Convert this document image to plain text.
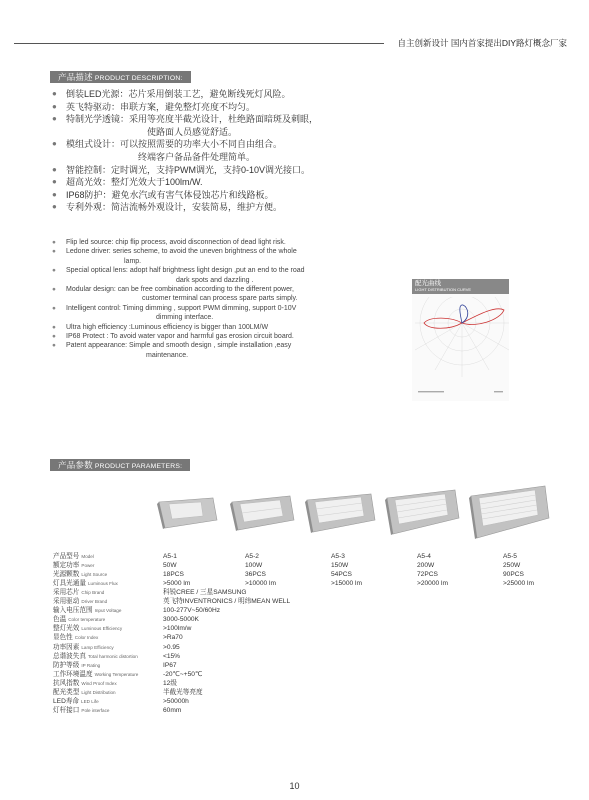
自主创新设计 国内首家提出DIY路灯概念厂家
产品描述 PRODUCT DESCRIPTION:
● 倒装LED光源：芯片采用倒装工艺，避免断线死灯风险。
● 英飞特驱动：串联方案，避免整灯亮度不均匀。
● 特制光学透镜：采用等亮度半截光设计，杜绝路面暗斑及刺眼，
使路面人员感觉舒适。
● 模组式设计：可以按照需要的功率大小不同自由组合。
终端客户备品备件处理简单。
● 智能控制：定时调光，支持PWM调光，支持0-10V调光接口。
● 超高光效：整灯光效大于100lm/W.
● IP68防护：避免水汽或有害气体侵蚀芯片和线路板。
● 专利外观：简洁流畅外观设计，安装简易，维护方便。
● Flip led source: chip flip process, avoid disconnection of dead light risk.
● Ledone driver: series scheme, to avoid the uneven brightness of the whole
lamp.
● Special optical lens: adopt half brightness light design ,put an end to the road
dark spots and dazzling .
● Modular design: can be free combination according to the different power,
customer terminal can process spare parts simply.
● Intelligent control: Timing dimming , support PWM dimming, support 0-10V
dimming interface.
● Ultra high efficiency :Luminous efficiency is bigger than 100LM/W
● IP68 Protect : To avoid water vapor and harmful gas erosion circuit board.
● Patent appearance: Simple and smooth design , simple installation ,easy
maintenance.
配光曲线
LIGHT DISTRIBUTION CURVE
产品参数 PRODUCT PARAMETERS:
产品型号 Model	A5-1	A5-2	A5-3	A5-4	A5-5
额定功率 Power	50W	100W	150W	200W	250W
光源颗数 Light Source	18PCS	36PCS	54PCS	72PCS	90PCS
灯具光通量 Luminous Flux	>5000 lm	>10000 lm	>15000 lm	>20000 lm	>25000 lm
采用芯片 Chip Brand	科锐CREE / 三星SAMSUNG
采用驱动 Driver Brand	英飞特INVENTRONICS / 明纬MEAN WELL
输入电压范围 Input Voltage	100-277V~50/60Hz
色温 Color temperature	3000-5000K
整灯光效 Luminous Efficiency	>100lm/w
显色性 Color Index	>Ra70
功率因素 Lamp Efficiency	>0.95
总谐波失真 Total harmonic distortion	<15%
防护等级 IP Rating	IP67
工作环境温度 Working Temperature	-20℃~+50℃
抗风指数 Wind Proof Index	12级
配光类型 Light Distribution	半截光等亮度
LED寿命 LED Life	>50000h
灯杆接口 Pole interface	60mm
10
